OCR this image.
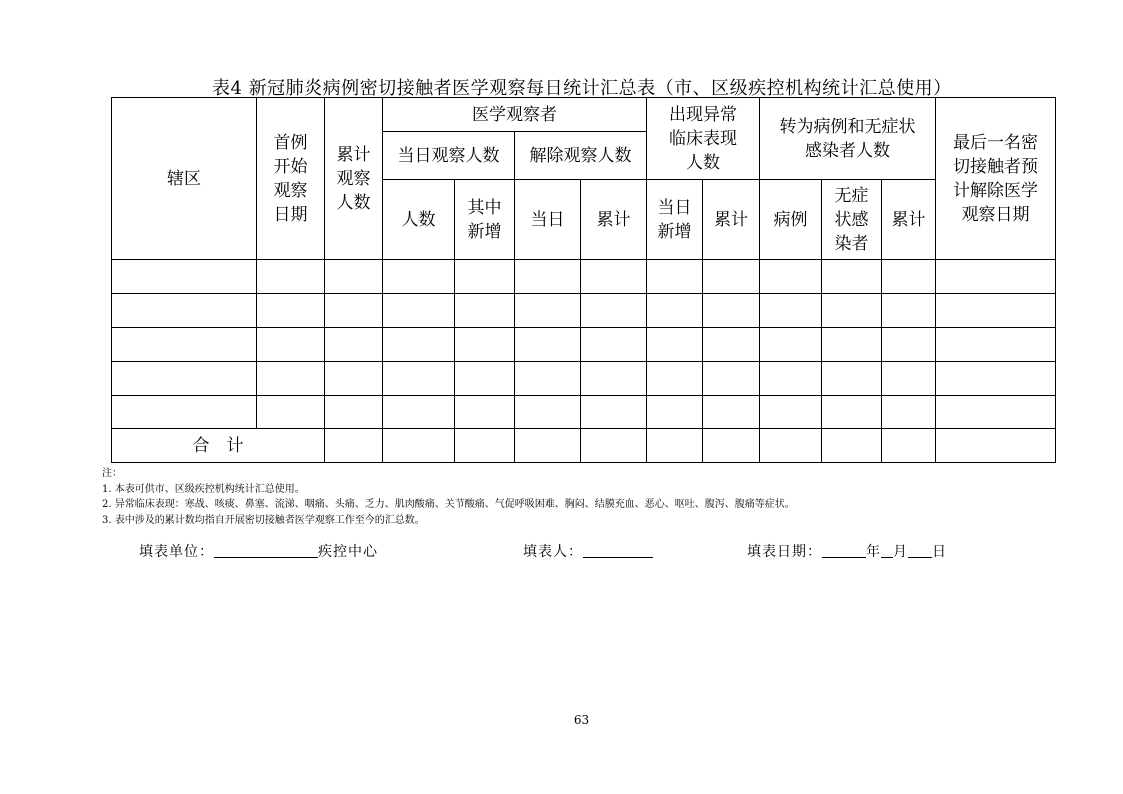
表4 新冠肺炎病例密切接触者医学观察每日统计汇总表（市、区级疾控机构统计汇总使用）
辖区	首例开始观察日期	累计观察人数	医学观察者				出现异常临床表现人数		转为病例和无症状感染者人数			最后一名密切接触者预计解除医学观察日期
			当日观察人数		解除观察人数							
			人数	其中新增	当日	累计	当日新增	累计	病例	无症状感染者	累计	

合　计												
注：
1. 本表可供市、区级疾控机构统计汇总使用。
2. 异常临床表现：寒战、咳痰、鼻塞、流涕、咽痛、头痛、乏力、肌肉酸痛、关节酸痛、气促呼吸困难、胸闷、结膜充血、恶心、呕吐、腹泻、腹痛等症状。
3. 表中涉及的累计数均指自开展密切接触者医学观察工作至今的汇总数。
填表单位：	疾控中心	填表人：	填表日期：	年 月 日
63
